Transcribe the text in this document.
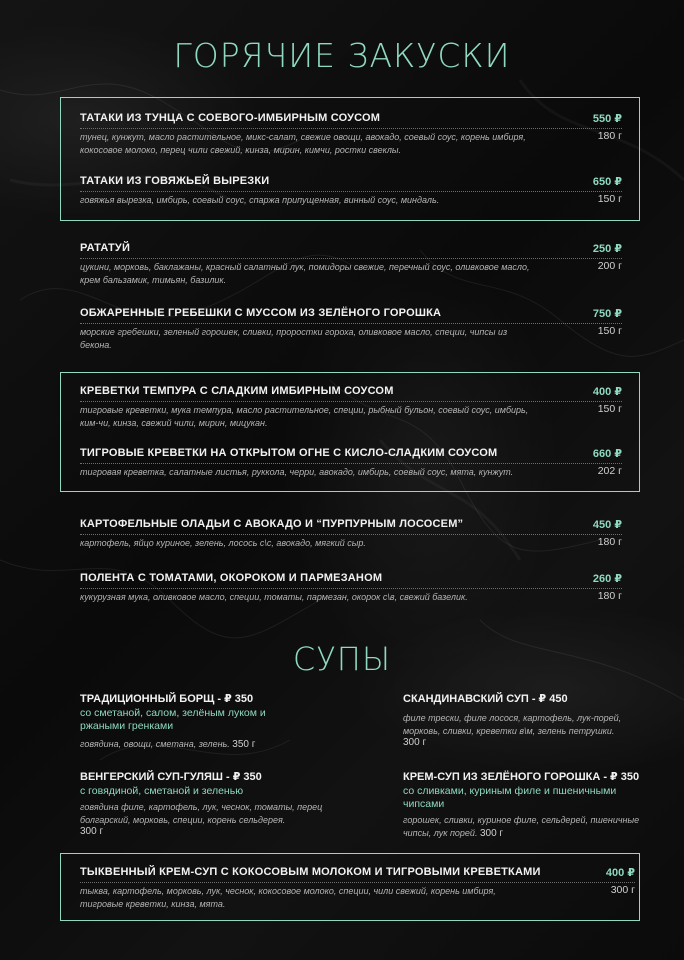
ГОРЯЧИЕ ЗАКУСКИ
ТАТАКИ ИЗ ТУНЦА С СОЕВОГО-ИМБИРНЫМ СОУСОМ	550 ₽
тунец, кунжут, масло растительное, микс-салат, свежие овощи, авокадо, соевый соус, корень имбиря, кокосовое молоко, перец чили свежий, кинза, мирин, кимчи, ростки свеклы.
180 г
ТАТАКИ ИЗ ГОВЯЖЬЕЙ ВЫРЕЗКИ	650 ₽
говяжья вырезка, имбирь, соевый соус, спаржа припущенная, винный соус, миндаль.	150 г
РАТАТУЙ	250 ₽
цукини, морковь, баклажаны, красный салатный лук, помидоры свежие, перечный соус, оливковое масло, крем бальзамик, тимьян, базилик.
200 г
ОБЖАРЕННЫЕ ГРЕБЕШКИ С МУССОМ ИЗ ЗЕЛЁНОГО ГОРОШКА	750 ₽
морские гребешки, зеленый горошек, сливки, проростки гороха, оливковое масло, специи, чипсы из бекона.
150 г
КРЕВЕТКИ ТЕМПУРА С СЛАДКИМ ИМБИРНЫМ СОУСОМ	400 ₽
тигровые креветки, мука темпура, масло растительное, специи, рыбный бульон, соевый соус, имбирь, ким-чи, кинза, свежий чили, мирин, мицукан.
150 г
ТИГРОВЫЕ КРЕВЕТКИ НА ОТКРЫТОМ ОГНЕ С КИСЛО-СЛАДКИМ СОУСОМ	660 ₽
тигровая креветка, салатные листья, руккола, черри, авокадо, имбирь, соевый соус, мята, кунжут.	202 г
КАРТОФЕЛЬНЫЕ ОЛАДЬИ С АВОКАДО И “ПУРПУРНЫМ ЛОСОСЕМ”	450 ₽
картофель, яйцо куриное, зелень, лосось с\с, авокадо, мягкий сыр.	180 г
ПОЛЕНТА С ТОМАТАМИ, ОКОРОКОМ И ПАРМЕЗАНОМ	260 ₽
кукурузная мука, оливковое масло, специи, томаты, пармезан, окорок с\в, свежий базелик.	180 г
СУПЫ
ТРАДИЦИОННЫЙ БОРЩ - ₽ 350
со сметаной, салом, зелёным луком и ржаными гренками
говядина, овощи, сметана, зелень. 350 г
СКАНДИНАВСКИЙ СУП - ₽ 450
филе трески, филе лосося, картофель, лук-порей, морковь, сливки, креветки в\м, зелень петрушки.
300 г
ВЕНГЕРСКИЙ СУП-ГУЛЯШ - ₽ 350
с говядиной, сметаной и зеленью
говядина филе, картофель, лук, чеснок, томаты, перец болгарский, морковь, специи, корень сельдерея.
300 г
КРЕМ-СУП ИЗ ЗЕЛЁНОГО ГОРОШКА - ₽ 350
со сливками, куриным филе и пшеничными чипсами
горошек, сливки, куриное филе, сельдерей, пшеничные чипсы, лук порей. 300 г
ТЫКВЕННЫЙ КРЕМ-СУП С КОКОСОВЫМ МОЛОКОМ И ТИГРОВЫМИ КРЕВЕТКАМИ	400 ₽
тыква, картофель, морковь, лук, чеснок, кокосовое молоко, специи, чили свежий, корень имбиря, тигровые креветки, кинза, мята.
300 г
